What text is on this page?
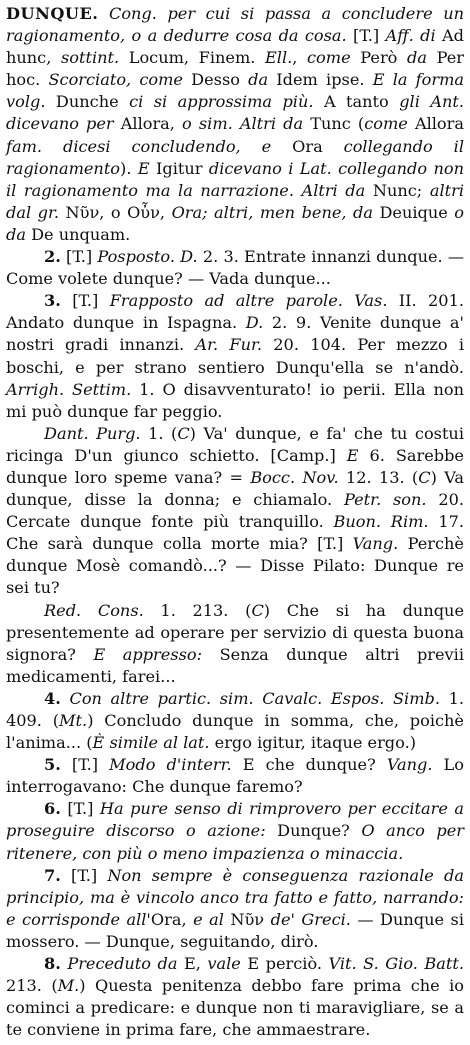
DUNQUE. Cong. per cui si passa a concludere un ragionamento, o a dedurre cosa da cosa. [T.] Aff. di Ad hunc, sottint. Locum, Finem. Ell., come Però da Per hoc. Scorciato, come Desso da Idem ipse. E la forma volg. Dunche ci si approssima più. A tanto gli Ant. dicevano per Allora, o sim. Altri da Tunc (come Allora fam. dicesi concludendo, e Ora collegando il ragionamento). E Igitur dicevano i Lat. collegando non il ragionamento ma la narrazione. Altri da Nunc; altri dal gr. Νῦν, o Οὖν, Ora; altri, men bene, da Deuique o da De unquam.

2. [T.] Posposto. D. 2. 3. Entrate innanzi dunque. — Come volete dunque? — Vada dunque...

3. [T.] Frapposto ad altre parole. Vas. II. 201. Andato dunque in Ispagna. D. 2. 9. Venite dunque a' nostri gradi innanzi. Ar. Fur. 20. 104. Per mezzo i boschi, e per strano sentiero Dunqu'ella se n'andò. Arrigh. Settim. 1. O disavventurato! io perii. Ella non mi può dunque far peggio.

Dant. Purg. 1. (C) Va' dunque, e fa' che tu costui ricinga D'un giunco schietto. [Camp.] E 6. Sarebbe dunque loro speme vana? = Bocc. Nov. 12. 13. (C) Va dunque, disse la donna; e chiamalo. Petr. son. 20. Cercate dunque fonte più tranquillo. Buon. Rim. 17. Che sarà dunque colla morte mia? [T.] Vang. Perchè dunque Mosè comandò...? — Disse Pilato: Dunque re sei tu?

Red. Cons. 1. 213. (C) Che si ha dunque presentemente ad operare per servizio di questa buona signora? E appresso: Senza dunque altri previi medicamenti, farei...

4. Con altre partic. sim. Cavalc. Espos. Simb. 1. 409. (Mt.) Concludo dunque in somma, che, poichè l'anima... (È simile al lat. ergo igitur, itaque ergo.)

5. [T.] Modo d'interr. E che dunque? Vang. Lo interrogavano: Che dunque faremo?

6. [T.] Ha pure senso di rimprovero per eccitare a proseguire discorso o azione: Dunque? O anco per ritenere, con più o meno impazienza o minaccia.

7. [T.] Non sempre è conseguenza razionale da principio, ma è vincolo anco tra fatto e fatto, narrando: e corrisponde all'Ora, e al Νῦν de' Greci. — Dunque si mossero. — Dunque, seguitando, dirò.

8. Preceduto da E, vale E perciò. Vit. S. Gio. Batt. 213. (M.) Questa penitenza debbo fare prima che io cominci a predicare: e dunque non ti maravigliare, se a te conviene in prima fare, che ammaestrare.
